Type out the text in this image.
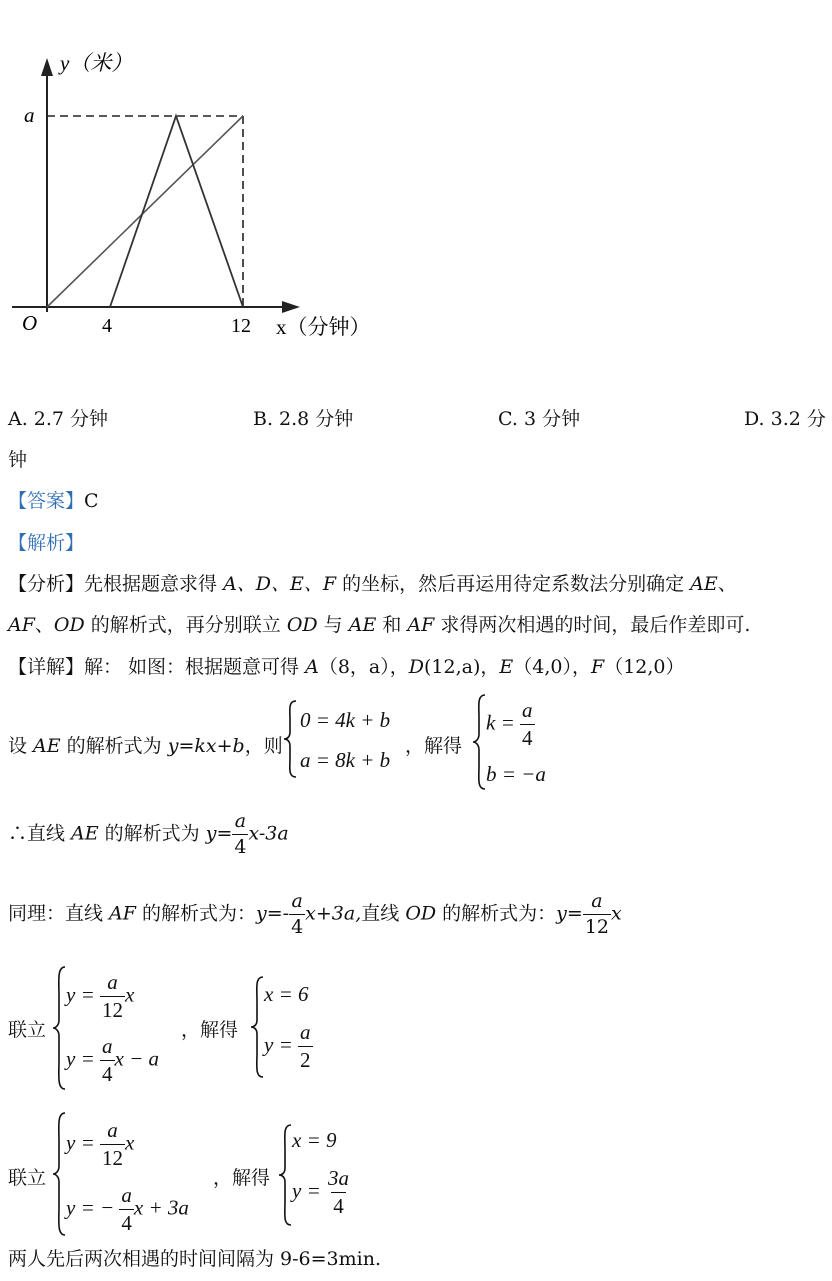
y（米）
x（分钟）
O
a
4	12
A. 2.7 分钟	B. 2.8 分钟	C. 3 分钟	D. 3.2 分
钟
【答案】C
【解析】
【分析】先根据题意求得 A、D、E、F 的坐标，然后再运用待定系数法分别确定 AE、
AF、OD 的解析式，再分别联立 OD 与 AE 和 AF 求得两次相遇的时间，最后作差即可.
【详解】解： 如图：根据题意可得 A（8，a），D(12,a)，E（4,0），F（12,0）
设 AE 的解析式为 y=kx+b，则
0 = 4k + b
a = 8k + b
，解得
$k = \frac{a}{4}$
b = −a
∴直线 AE 的解析式为 $y= \frac{a}{4} x-3a$
同理：直线 AF 的解析式为：$y=- \frac{a}{4} x+3a$,直线 OD 的解析式为：$y= \frac{a}{12}$ x
联立
$y = \frac{a}{12}$ x
$y = \frac{a}{4}$ x − a
，解得
x = 6
$y = \frac{a}{2}$
联立
$y = \frac{a}{12}$ x
y = − $\frac{a}{4}$ x + 3a
，解得
x = 9
$y = \frac{3a}{4}$
两人先后两次相遇的时间间隔为 9-6=3min.
